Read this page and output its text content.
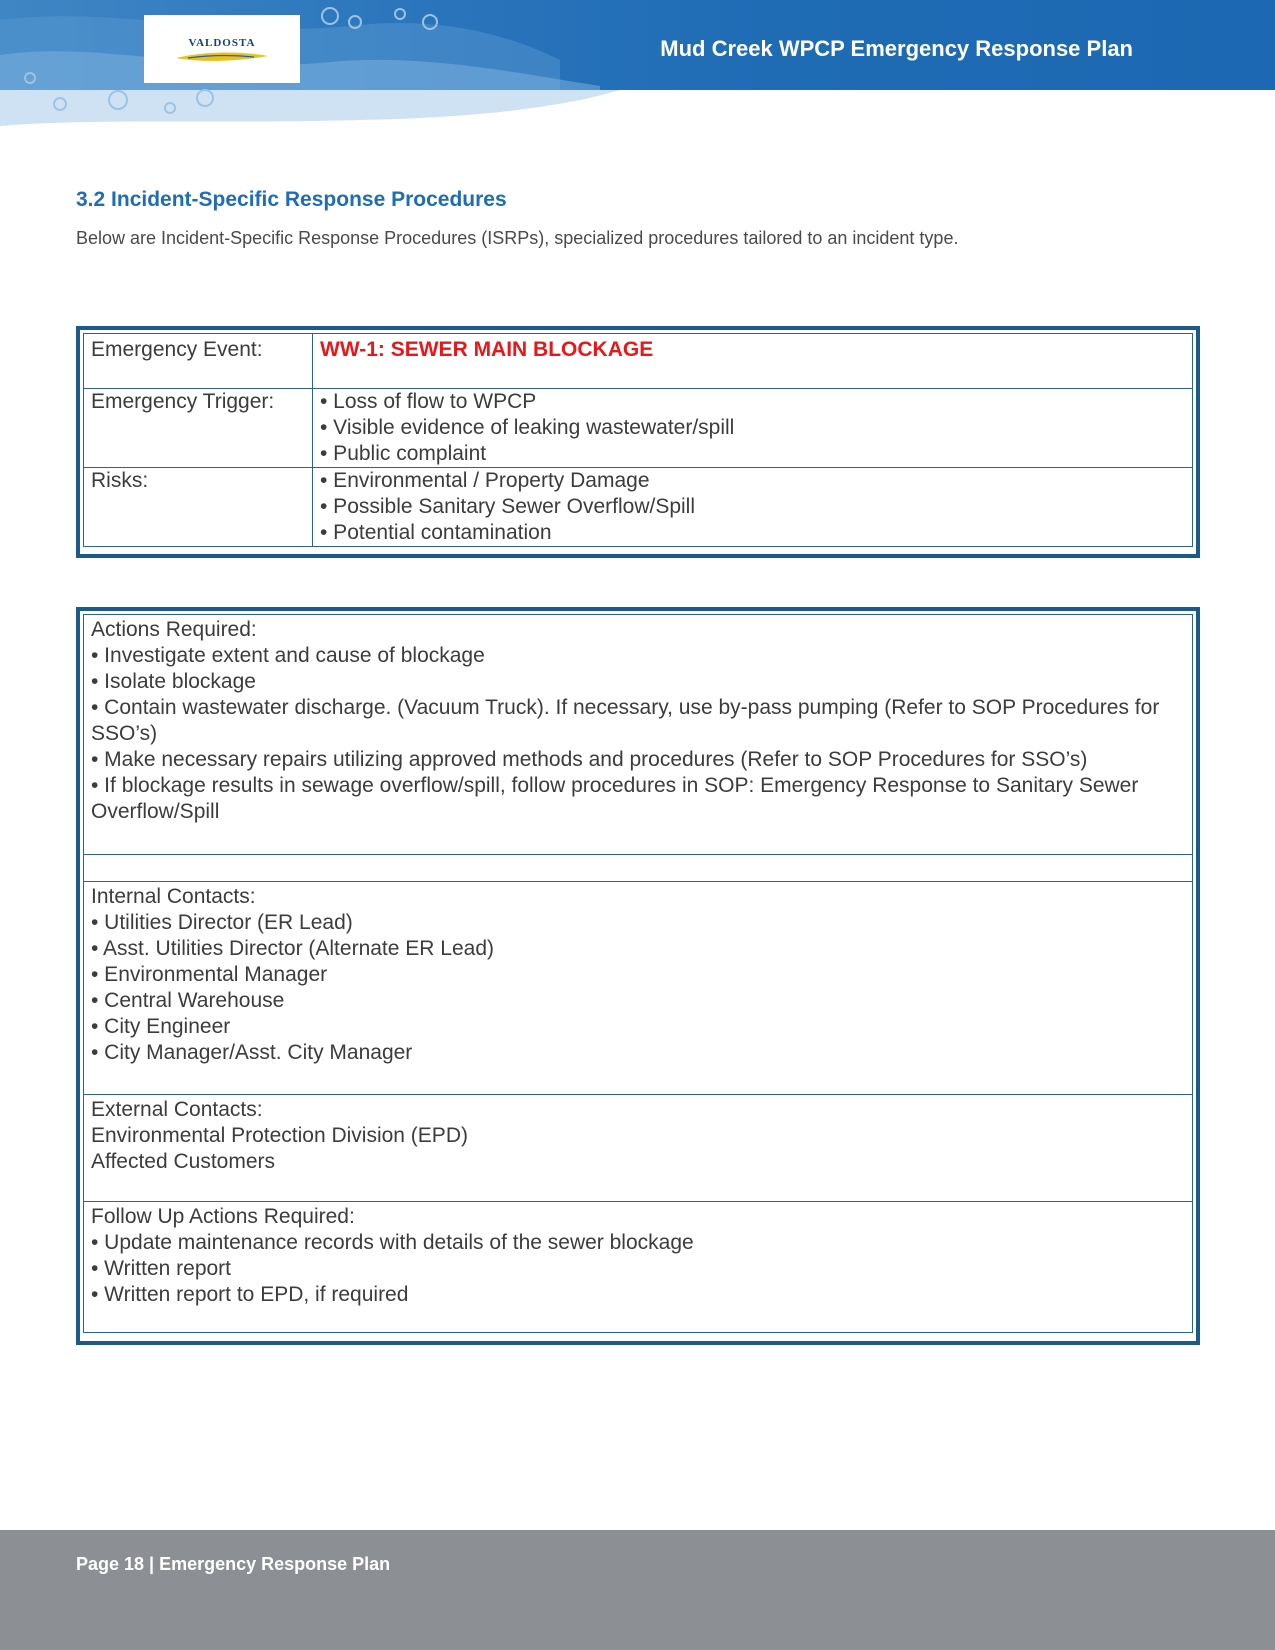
VALDOSTA	Mud Creek WPCP Emergency Response Plan
3.2 Incident-Specific Response Procedures
Below are Incident-Specific Response Procedures (ISRPs), specialized procedures tailored to an incident type.
Emergency Event:	WW-1: SEWER MAIN BLOCKAGE
Emergency Trigger:	• Loss of flow to WPCP
• Visible evidence of leaking wastewater/spill
• Public complaint

Risks:	• Environmental / Property Damage
• Possible Sanitary Sewer Overflow/Spill
• Potential contamination
Actions Required:
• Investigate extent and cause of blockage
• Isolate blockage
• Contain wastewater discharge. (Vacuum Truck). If necessary, use by-pass pumping (Refer to SOP Procedures for SSO’s)
• Make necessary repairs utilizing approved methods and procedures (Refer to SOP Procedures for SSO’s)
• If blockage results in sewage overflow/spill, follow procedures in SOP: Emergency Response to Sanitary Sewer Overflow/Spill

Internal Contacts:
• Utilities Director (ER Lead)
• Asst. Utilities Director (Alternate ER Lead)
• Environmental Manager
• Central Warehouse
• City Engineer
• City Manager/Asst. City Manager

External Contacts:
Environmental Protection Division (EPD)
Affected Customers

Follow Up Actions Required:
• Update maintenance records with details of the sewer blockage
• Written report
• Written report to EPD, if required
Page 18 | Emergency Response Plan
